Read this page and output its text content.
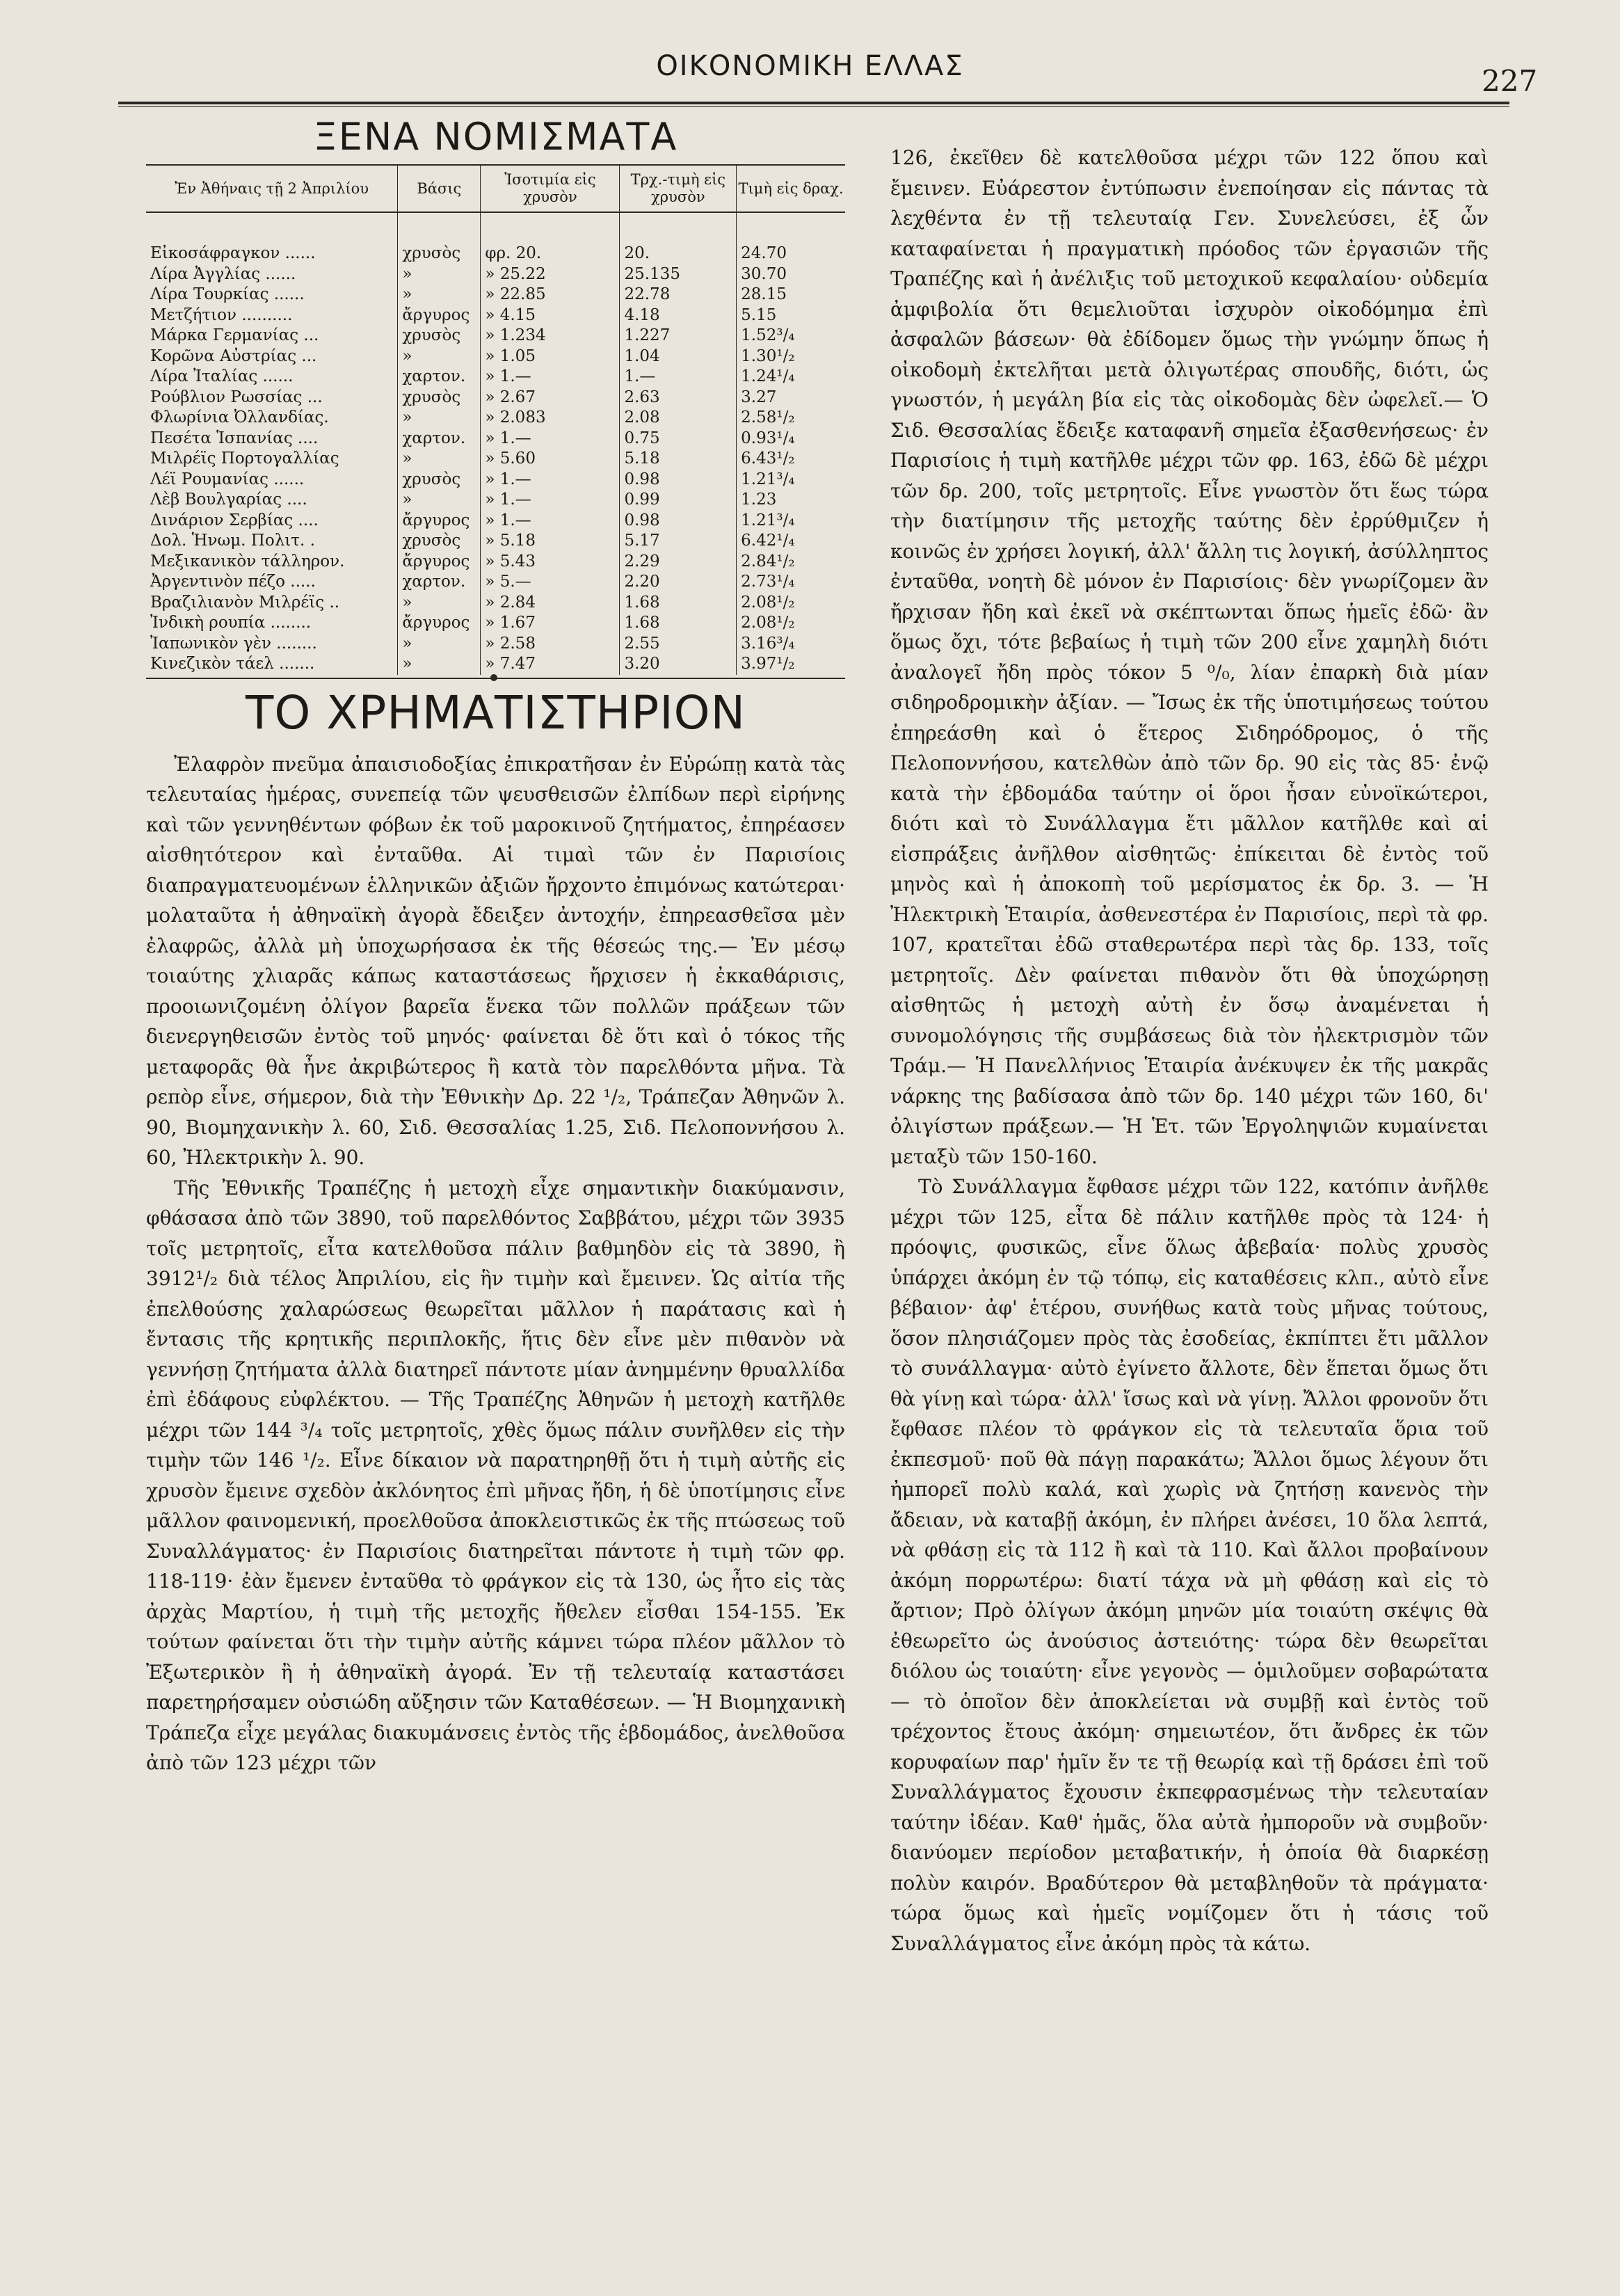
ΟΙΚΟΝΟΜΙΚΗ ΕΛΛΑΣ	227
ΞΕΝΑ ΝΟΜΙΣΜΑΤΑ
Ἐν Ἀθήναις τῇ 2 Ἀπριλίου	Βάσις	Ἰσοτιμία εἰς χρυσὸν	Τρχ.-τιμὴ εἰς χρυσὸν	Τιμὴ εἰς δραχ.

Εἰκοσάφραγκον ......	χρυσὸς	φρ. 20.	20.	24.70
Λίρα Ἀγγλίας ......	»	» 25.22	25.135	30.70
Λίρα Τουρκίας ......	»	» 22.85	22.78	28.15
Μετζήτιον ..........	ἄργυρος	» 4.15	4.18	5.15
Μάρκα Γερμανίας ...	χρυσὸς	» 1.234	1.227	1.52³/₄
Κορῶνα Αὐστρίας ...	»	» 1.05	1.04	1.30¹/₂
Λίρα Ἰταλίας ......	χαρτον.	» 1.—	1.—	1.24¹/₄
Ρούβλιον Ρωσσίας ...	χρυσὸς	» 2.67	2.63	3.27
Φλωρίνια Ὀλλανδίας.	»	» 2.083	2.08	2.58¹/₂
Πεσέτα Ἱσπανίας ....	χαρτον.	» 1.—	0.75	0.93¹/₄
Μιλρέϊς Πορτογαλλίας	»	» 5.60	5.18	6.43¹/₂
Λέϊ Ρουμανίας ......	χρυσὸς	» 1.—	0.98	1.21³/₄
Λὲβ Βουλγαρίας ....	»	» 1.—	0.99	1.23
Δινάριον Σερβίας ....	ἄργυρος	» 1.—	0.98	1.21³/₄
Δολ. Ἡνωμ. Πολιτ. .	χρυσὸς	» 5.18	5.17	6.42¹/₄
Μεξικανικὸν τάλληρον.	ἄργυρος	» 5.43	2.29	2.84¹/₂
Ἀργεντινὸν πέζο .....	χαρτον.	» 5.—	2.20	2.73¹/₄
Βραζιλιανὸν Μιλρέϊς ..	»	» 2.84	1.68	2.08¹/₂
Ἰνδικὴ ρουπία ........	ἄργυρος	» 1.67	1.68	2.08¹/₂
Ἰαπωνικὸν γὲν ........	»	» 2.58	2.55	3.16³/₄
Κινεζικὸν τάελ .......	»	» 7.47	3.20	3.97¹/₂
ΤΟ ΧΡΗΜΑΤΙΣΤΗΡΙΟΝ

Ἐλαφρὸν πνεῦμα ἀπαισιοδοξίας ἐπικρατῆσαν ἐν Εὐρώπῃ κατὰ τὰς τελευταίας ἡμέρας, συνεπείᾳ τῶν ψευσθεισῶν ἐλπίδων περὶ εἰρήνης καὶ τῶν γεννηθέντων φόβων ἐκ τοῦ μαροκινοῦ ζητήματος, ἐπηρέασεν αἰσθητότερον καὶ ἐνταῦθα. Αἱ τιμαὶ τῶν ἐν Παρισίοις διαπραγματευομένων ἑλληνικῶν ἀξιῶν ἤρχοντο ἐπιμόνως κατώτεραι· μολαταῦτα ἡ ἀθηναϊκὴ ἀγορὰ ἔδειξεν ἀντοχήν, ἐπηρεασθεῖσα μὲν ἐλαφρῶς, ἀλλὰ μὴ ὑποχωρήσασα ἐκ τῆς θέσεώς της.— Ἐν μέσῳ τοιαύτης χλιαρᾶς κάπως καταστάσεως ἤρχισεν ἡ ἐκκαθάρισις, προοιωνιζομένη ὀλίγον βαρεῖα ἕνεκα τῶν πολλῶν πράξεων τῶν διενεργηθεισῶν ἐντὸς τοῦ μηνός· φαίνεται δὲ ὅτι καὶ ὁ τόκος τῆς μεταφορᾶς θὰ ἦνε ἀκριβώτερος ἢ κατὰ τὸν παρελθόντα μῆνα. Τὰ ρεπὸρ εἶνε, σήμερον, διὰ τὴν Ἐθνικὴν Δρ. 22 ¹/₂, Τράπεζαν Ἀθηνῶν λ. 90, Βιομηχανικὴν λ. 60, Σιδ. Θεσσαλίας 1.25, Σιδ. Πελοποννήσου λ. 60, Ἠλεκτρικὴν λ. 90.

Τῆς Ἐθνικῆς Τραπέζης ἡ μετοχὴ εἶχε σημαντικὴν διακύμανσιν, φθάσασα ἀπὸ τῶν 3890, τοῦ παρελθόντος Σαββάτου, μέχρι τῶν 3935 τοῖς μετρητοῖς, εἶτα κατελθοῦσα πάλιν βαθμηδὸν εἰς τὰ 3890, ἢ 3912¹/₂ διὰ τέλος Ἀπριλίου, εἰς ἣν τιμὴν καὶ ἔμεινεν. Ὡς αἰτία τῆς ἐπελθούσης χαλαρώσεως θεωρεῖται μᾶλλον ἡ παράτασις καὶ ἡ ἔντασις τῆς κρητικῆς περιπλοκῆς, ἥτις δὲν εἶνε μὲν πιθανὸν νὰ γεννήσῃ ζητήματα ἀλλὰ διατηρεῖ πάντοτε μίαν ἀνημμένην θρυαλλίδα ἐπὶ ἐδάφους εὐφλέκτου. — Τῆς Τραπέζης Ἀθηνῶν ἡ μετοχὴ κατῆλθε μέχρι τῶν 144 ³/₄ τοῖς μετρητοῖς, χθὲς ὅμως πάλιν συνῆλθεν εἰς τὴν τιμὴν τῶν 146 ¹/₂. Εἶνε δίκαιον νὰ παρατηρηθῇ ὅτι ἡ τιμὴ αὐτῆς εἰς χρυσὸν ἔμεινε σχεδὸν ἀκλόνητος ἐπὶ μῆνας ἤδη, ἡ δὲ ὑποτίμησις εἶνε μᾶλλον φαινομενική, προελθοῦσα ἀποκλειστικῶς ἐκ τῆς πτώσεως τοῦ Συναλλάγματος· ἐν Παρισίοις διατηρεῖται πάντοτε ἡ τιμὴ τῶν φρ. 118-119· ἐὰν ἔμενεν ἐνταῦθα τὸ φράγκον εἰς τὰ 130, ὡς ἦτο εἰς τὰς ἀρχὰς Μαρτίου, ἡ τιμὴ τῆς μετοχῆς ἤθελεν εἶσθαι 154-155. Ἐκ τούτων φαίνεται ὅτι τὴν τιμὴν αὐτῆς κάμνει τώρα πλέον μᾶλλον τὸ Ἐξωτερικὸν ἢ ἡ ἀθηναϊκὴ ἀγορά. Ἐν τῇ τελευταίᾳ καταστάσει παρετηρήσαμεν οὐσιώδη αὔξησιν τῶν Καταθέσεων. — Ἡ Βιομηχανικὴ Τράπεζα εἶχε μεγάλας διακυμάνσεις ἐντὸς τῆς ἑβδομάδος, ἀνελθοῦσα ἀπὸ τῶν 123 μέχρι τῶν

126, ἐκεῖθεν δὲ κατελθοῦσα μέχρι τῶν 122 ὅπου καὶ ἔμεινεν. Εὐάρεστον ἐντύπωσιν ἐνεποίησαν εἰς πάντας τὰ λεχθέντα ἐν τῇ τελευταίᾳ Γεν. Συνελεύσει, ἐξ ὧν καταφαίνεται ἡ πραγματικὴ πρόοδος τῶν ἐργασιῶν τῆς Τραπέζης καὶ ἡ ἀνέλιξις τοῦ μετοχικοῦ κεφαλαίου· οὐδεμία ἀμφιβολία ὅτι θεμελιοῦται ἰσχυρὸν οἰκοδόμημα ἐπὶ ἀσφαλῶν βάσεων· θὰ ἐδίδομεν ὅμως τὴν γνώμην ὅπως ἡ οἰκοδομὴ ἐκτελῆται μετὰ ὀλιγωτέρας σπουδῆς, διότι, ὡς γνωστόν, ἡ μεγάλη βία εἰς τὰς οἰκοδομὰς δὲν ὠφελεῖ.— Ὁ Σιδ. Θεσσαλίας ἔδειξε καταφανῆ σημεῖα ἐξασθενήσεως· ἐν Παρισίοις ἡ τιμὴ κατῆλθε μέχρι τῶν φρ. 163, ἐδῶ δὲ μέχρι τῶν δρ. 200, τοῖς μετρητοῖς. Εἶνε γνωστὸν ὅτι ἕως τώρα τὴν διατίμησιν τῆς μετοχῆς ταύτης δὲν ἐρρύθμιζεν ἡ κοινῶς ἐν χρήσει λογική, ἀλλ' ἄλλη τις λογική, ἀσύλληπτος ἐνταῦθα, νοητὴ δὲ μόνον ἐν Παρισίοις· δὲν γνωρίζομεν ἂν ἤρχισαν ἤδη καὶ ἐκεῖ νὰ σκέπτωνται ὅπως ἡμεῖς ἐδῶ· ἂν ὅμως ὄχι, τότε βεβαίως ἡ τιμὴ τῶν 200 εἶνε χαμηλὴ διότι ἀναλογεῖ ἤδη πρὸς τόκον 5 ⁰/₀, λίαν ἐπαρκὴ διὰ μίαν σιδηροδρομικὴν ἀξίαν. — Ἴσως ἐκ τῆς ὑποτιμήσεως τούτου ἐπηρεάσθη καὶ ὁ ἕτερος Σιδηρόδρομος, ὁ τῆς Πελοποννήσου, κατελθὼν ἀπὸ τῶν δρ. 90 εἰς τὰς 85· ἐνῷ κατὰ τὴν ἑβδομάδα ταύτην οἱ ὅροι ἦσαν εὐνοϊκώτεροι, διότι καὶ τὸ Συνάλλαγμα ἔτι μᾶλλον κατῆλθε καὶ αἱ εἰσπράξεις ἀνῆλθον αἰσθητῶς· ἐπίκειται δὲ ἐντὸς τοῦ μηνὸς καὶ ἡ ἀποκοπὴ τοῦ μερίσματος ἐκ δρ. 3. — Ἡ Ἠλεκτρικὴ Ἑταιρία, ἀσθενεστέρα ἐν Παρισίοις, περὶ τὰ φρ. 107, κρατεῖται ἐδῶ σταθερωτέρα περὶ τὰς δρ. 133, τοῖς μετρητοῖς. Δὲν φαίνεται πιθανὸν ὅτι θὰ ὑποχώρησῃ αἰσθητῶς ἡ μετοχὴ αὐτὴ ἐν ὅσῳ ἀναμένεται ἡ συνομολόγησις τῆς συμβάσεως διὰ τὸν ἠλεκτρισμὸν τῶν Τράμ.— Ἡ Πανελλήνιος Ἑταιρία ἀνέκυψεν ἐκ τῆς μακρᾶς νάρκης της βαδίσασα ἀπὸ τῶν δρ. 140 μέχρι τῶν 160, δι' ὀλιγίστων πράξεων.— Ἡ Ἑτ. τῶν Ἐργοληψιῶν κυμαίνεται μεταξὺ τῶν 150-160.

Τὸ Συνάλλαγμα ἔφθασε μέχρι τῶν 122, κατόπιν ἀνῆλθε μέχρι τῶν 125, εἶτα δὲ πάλιν κατῆλθε πρὸς τὰ 124· ἡ πρόοψις, φυσικῶς, εἶνε ὅλως ἀβεβαία· πολὺς χρυσὸς ὑπάρχει ἀκόμη ἐν τῷ τόπῳ, εἰς καταθέσεις κλπ., αὐτὸ εἶνε βέβαιον· ἀφ' ἑτέρου, συνήθως κατὰ τοὺς μῆνας τούτους, ὅσον πλησιάζομεν πρὸς τὰς ἐσοδείας, ἐκπίπτει ἔτι μᾶλλον τὸ συνάλλαγμα· αὐτὸ ἐγίνετο ἄλλοτε, δὲν ἕπεται ὅμως ὅτι θὰ γίνῃ καὶ τώρα· ἀλλ' ἴσως καὶ νὰ γίνῃ. Ἄλλοι φρονοῦν ὅτι ἔφθασε πλέον τὸ φράγκον εἰς τὰ τελευταῖα ὅρια τοῦ ἐκπεσμοῦ· ποῦ θὰ πάγῃ παρακάτω; Ἄλλοι ὅμως λέγουν ὅτι ἠμπορεῖ πολὺ καλά, καὶ χωρὶς νὰ ζητήσῃ κανενὸς τὴν ἄδειαν, νὰ καταβῇ ἀκόμη, ἐν πλήρει ἀνέσει, 10 ὅλα λεπτά, νὰ φθάσῃ εἰς τὰ 112 ἢ καὶ τὰ 110. Καὶ ἄλλοι προβαίνουν ἀκόμη πορρωτέρω: διατί τάχα νὰ μὴ φθάσῃ καὶ εἰς τὸ ἄρτιον; Πρὸ ὀλίγων ἀκόμη μηνῶν μία τοιαύτη σκέψις θὰ ἐθεωρεῖτο ὡς ἀνούσιος ἀστειότης· τώρα δὲν θεωρεῖται διόλου ὡς τοιαύτη· εἶνε γεγονὸς — ὁμιλοῦμεν σοβαρώτατα — τὸ ὁποῖον δὲν ἀποκλείεται νὰ συμβῇ καὶ ἐντὸς τοῦ τρέχοντος ἔτους ἀκόμη· σημειωτέον, ὅτι ἄνδρες ἐκ τῶν κορυφαίων παρ' ἡμῖν ἔν τε τῇ θεωρίᾳ καὶ τῇ δράσει ἐπὶ τοῦ Συναλλάγματος ἔχουσιν ἐκπεφρασμένως τὴν τελευταίαν ταύτην ἰδέαν. Καθ' ἡμᾶς, ὅλα αὐτὰ ἠμποροῦν νὰ συμβοῦν· διανύομεν περίοδον μεταβατικήν, ἡ ὁποία θὰ διαρκέσῃ πολὺν καιρόν. Βραδύτερον θὰ μεταβληθοῦν τὰ πράγματα· τώρα ὅμως καὶ ἡμεῖς νομίζομεν ὅτι ἡ τάσις τοῦ Συναλλάγματος εἶνε ἀκόμη πρὸς τὰ κάτω.
